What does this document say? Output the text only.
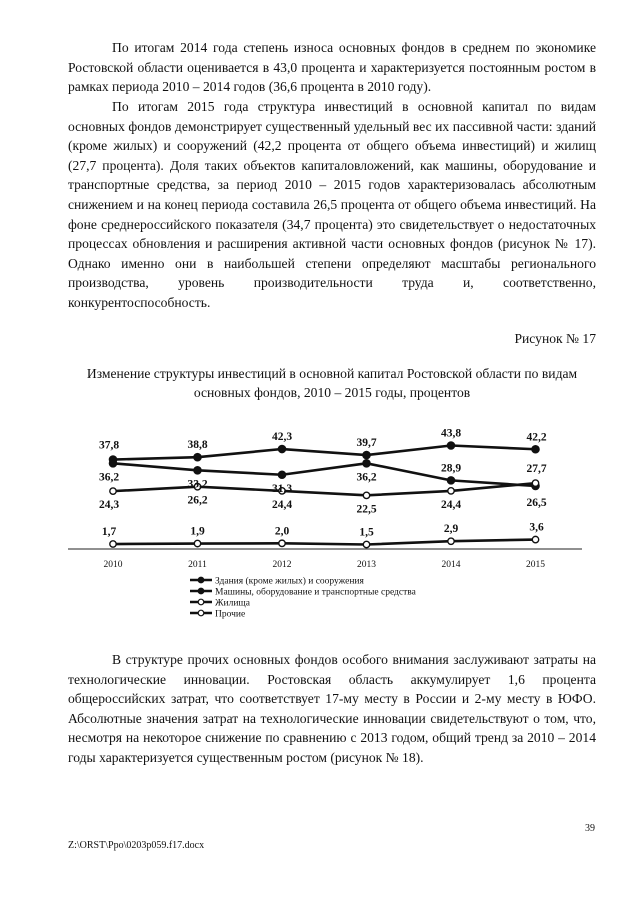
По итогам 2014 года степень износа основных фондов в среднем по экономике Ростовской области оценивается в 43,0 процента и характеризуется постоянным ростом в рамках периода 2010 – 2014 годов (36,6 процента в 2010 году).

По итогам 2015 года структура инвестиций в основной капитал по видам основных фондов демонстрирует существенный удельный вес их пассивной части: зданий (кроме жилых) и сооружений (42,2 процента от общего объема инвестиций) и жилищ (27,7 процента). Доля таких объектов капиталовложений, как машины, оборудование и транспортные средства, за период 2010 – 2015 годов характеризовалась абсолютным снижением и на конец периода составила 26,5 процента от общего объема инвестиций. На фоне среднероссийского показателя (34,7 процента) это свидетельствует о недостаточных процессах обновления и расширения активной части основных фондов (рисунок № 17). Однако именно они в наибольшей степени определяют масштабы регионального производства, уровень производительности труда и, соответственно, конкурентоспособность.

Рисунок № 17

Изменение структуры инвестиций в основной капитал Ростовской области по видам основных фондов, 2010 – 2015 годы, процентов

2010	2011	2012	2013	2014	2015
37,8	38,8
42,3
39,7
43,8	42,2
36,2
33,2	31,3
36,2
28,9
26,5
24,3	26,2	24,4	22,5	24,4
27,7
1,7	1,9	2,0	1,5	2,9	3,6
Здания (кроме жилых) и сооружения
Машины, оборудование и транспортные средства
Жилища
Прочие

В структуре прочих основных фондов особого внимания заслуживают затраты на технологические инновации. Ростовская область аккумулирует 1,6 процента общероссийских затрат, что соответствует 17-му месту в России и 2-му месту в ЮФО. Абсолютные значения затрат на технологические инновации свидетельствуют о том, что, несмотря на некоторое снижение по сравнению с 2013 годом, общий тренд за 2010 – 2014 годы характеризуется существенным ростом (рисунок № 18).

39

Z:\ORST\Ppo\0203p059.f17.docx
